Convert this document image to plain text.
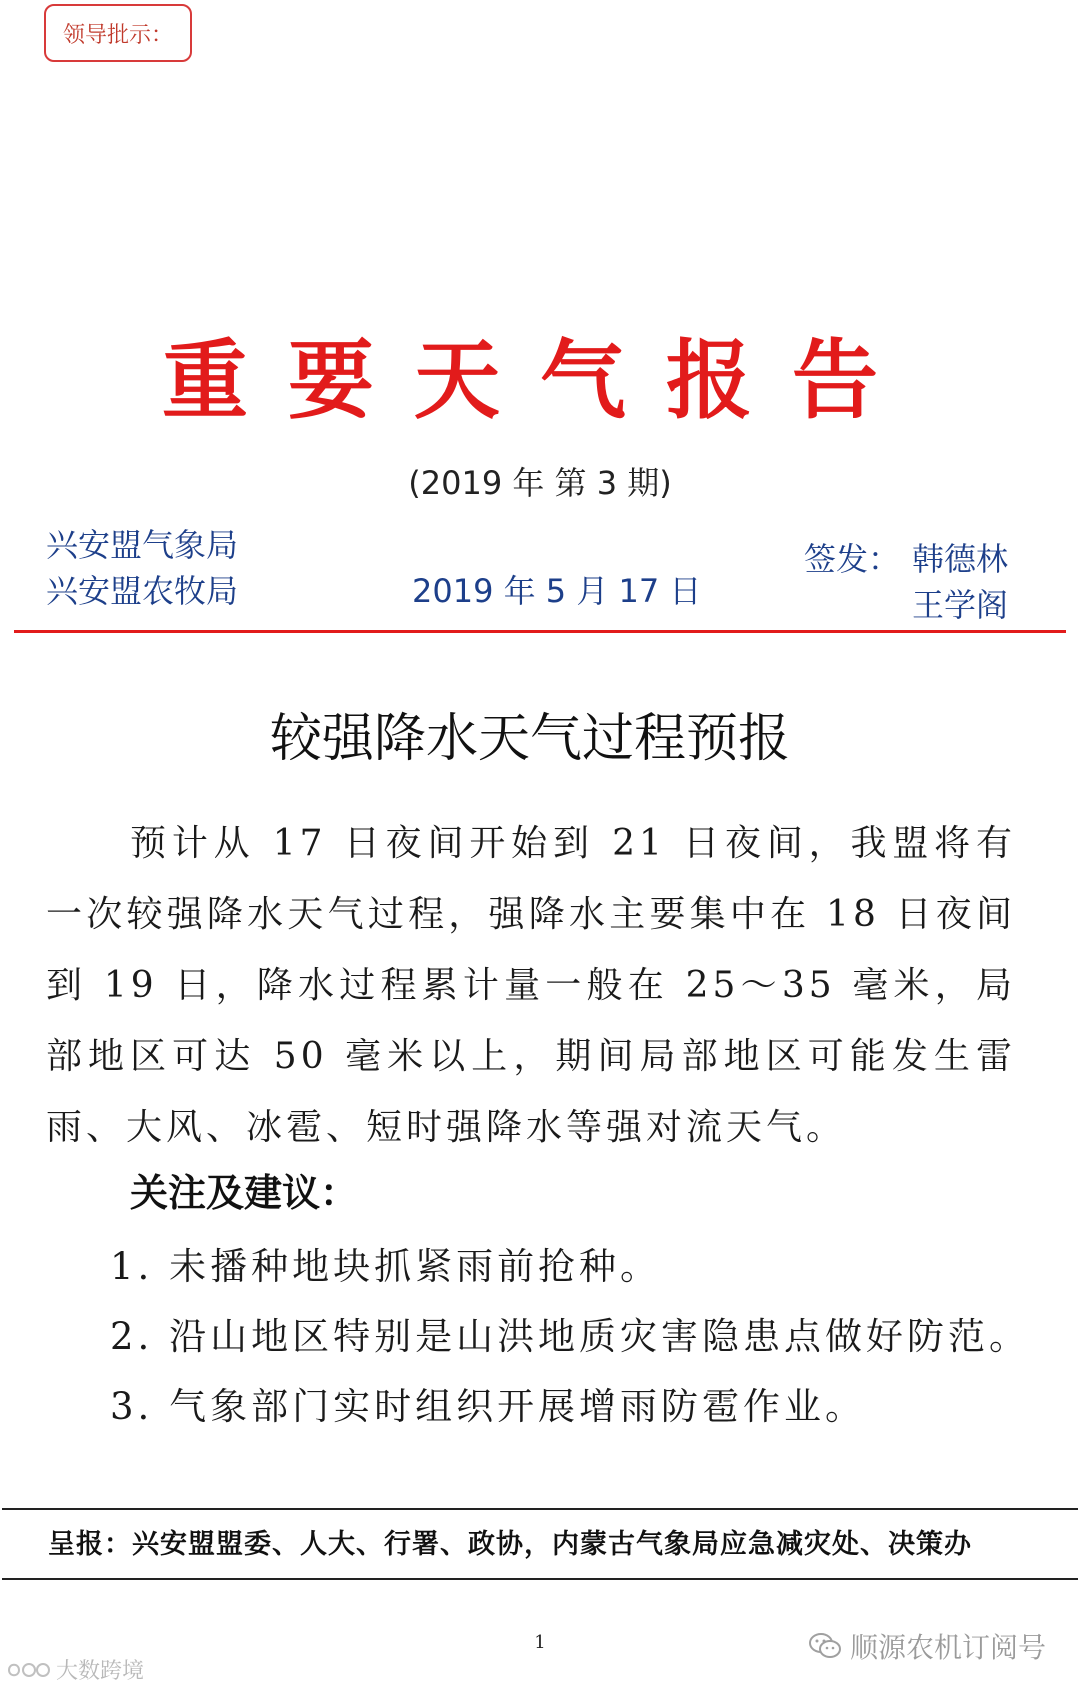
领导批示：
重要天气报告
(2019 年 第 3 期)
兴安盟气象局
兴安盟农牧局	2019 年 5 月 17 日
签发： 韩德林
王学阁
较强降水天气过程预报
预计从 17 日夜间开始到 21 日夜间，我盟将有一次较强降水天气过程，强降水主要集中在 18 日夜间到 19 日，降水过程累计量一般在 25～35 毫米，局部地区可达 50 毫米以上，期间局部地区可能发生雷雨、大风、冰雹、短时强降水等强对流天气。
关注及建议：
1. 未播种地块抓紧雨前抢种。
2. 沿山地区特别是山洪地质灾害隐患点做好防范。
3. 气象部门实时组织开展增雨防雹作业。
呈报：兴安盟盟委、人大、行署、政协，内蒙古气象局应急减灾处、决策办
1	顺源农机订阅号
大数跨境
